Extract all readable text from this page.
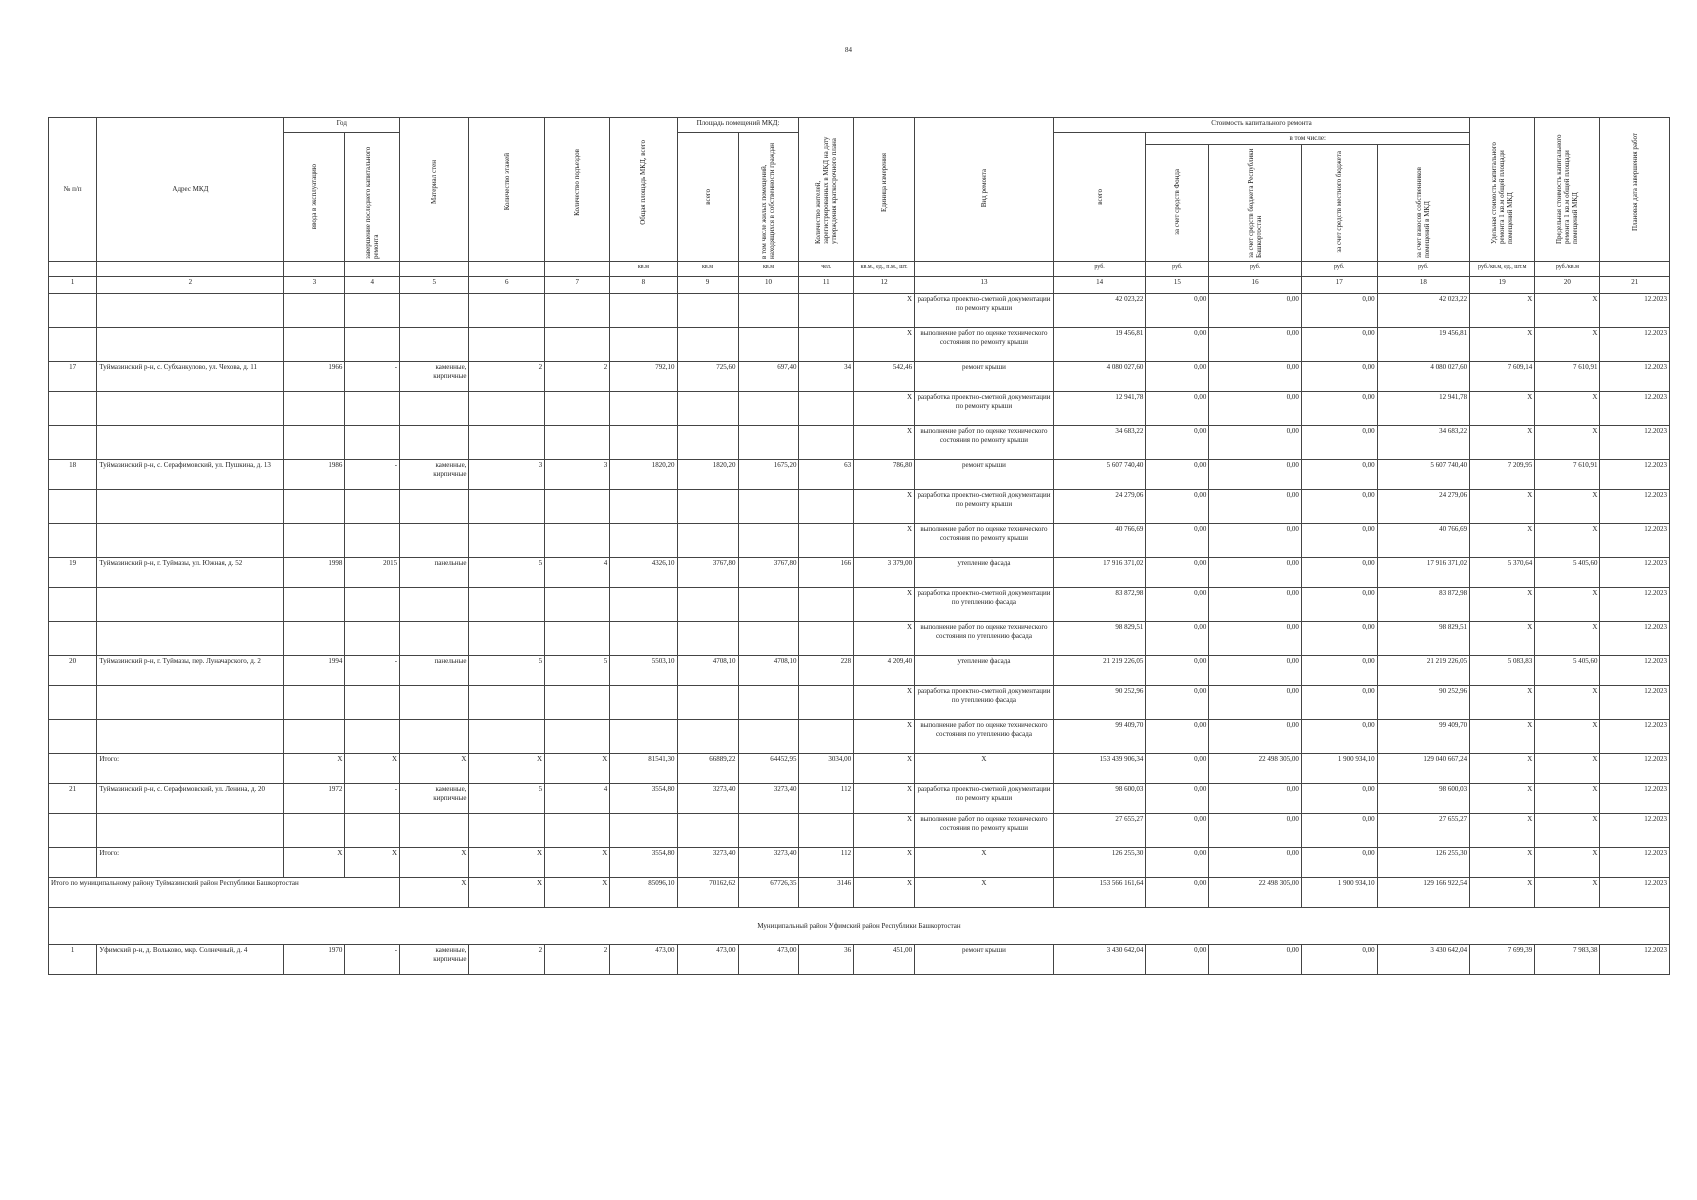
84
№ п/п	Адрес МКД	Год		Материал стен	Количество этажей	Количество подъездов	Общая площадь МКД, всего	Площадь помещений МКД:		Количество жителей, зарегистрированных в МКД на дату утверждения краткосрочного плана	Единица измерения	Вид ремонта	Стоимость капитального ремонта					Удельная стоимость капитального ремонта 1 кв.м общей площади помещений МКД	Предельная стоимость капитального ремонта 1 кв.м общей площади помещений МКД	Плановая дата завершения работ

		ввода в эксплуатацию	завершение последнего капитального ремонта					всего	в том числе жилых помещений, находящихся в собственности граждан				всего	в том числе:						

														за счет средств Фонда	за счет средств бюджета Республики Башкортостан	за счет средств местного бюджета	за счет взносов собственников помещений в МКД			

							кв.м	кв.м	кв.м	чел.	кв.м., ед., п.м., шт.		руб.	руб.	руб.	руб.	руб.	руб./кв.м, ед., шт.м	руб./кв.м	
1	2	3	4	5	6	7	8	9	10	11	12	13	14	15	16	17	18	19	20	21
											X	разработка проектно-сметной документации по ремонту крыши	42 023,22	0,00	0,00	0,00	42 023,22	X	X	12.2023
											X	выполнение работ по оценке технического состояния по ремонту крыши	19 456,81	0,00	0,00	0,00	19 456,81	X	X	12.2023
17	Туймазинский р-н, с. Субханкулово, ул. Чехова, д. 11	1966	-	каменные, кирпичные	2	2	792,10	725,60	697,40	34	542,46	ремонт крыши	4 080 027,60	0,00	0,00	0,00	4 080 027,60	7 609,14	7 610,91	12.2023
											X	разработка проектно-сметной документации по ремонту крыши	12 941,78	0,00	0,00	0,00	12 941,78	X	X	12.2023
											X	выполнение работ по оценке технического состояния по ремонту крыши	34 683,22	0,00	0,00	0,00	34 683,22	X	X	12.2023
18	Туймазинский р-н, с. Серафимовский, ул. Пушкина, д. 13	1986	-	каменные, кирпичные	3	3	1820,20	1820,20	1675,20	63	786,80	ремонт крыши	5 607 740,40	0,00	0,00	0,00	5 607 740,40	7 209,95	7 610,91	12.2023
											X	разработка проектно-сметной документации по ремонту крыши	24 279,06	0,00	0,00	0,00	24 279,06	X	X	12.2023
											X	выполнение работ по оценке технического состояния по ремонту крыши	40 766,69	0,00	0,00	0,00	40 766,69	X	X	12.2023
19	Туймазинский р-н, г. Туймазы, ул. Южная, д. 52	1998	2015	панельные	5	4	4326,10	3767,80	3767,80	166	3 379,00	утепление фасада	17 916 371,02	0,00	0,00	0,00	17 916 371,02	5 370,64	5 405,60	12.2023
											X	разработка проектно-сметной документации по утеплению фасада	83 872,98	0,00	0,00	0,00	83 872,98	X	X	12.2023
											X	выполнение работ по оценке технического состояния по утеплению фасада	98 829,51	0,00	0,00	0,00	98 829,51	X	X	12.2023
20	Туймазинский р-н, г. Туймазы, пер. Луначарского, д. 2	1994	-	панельные	5	5	5503,10	4708,10	4708,10	228	4 209,40	утепление фасада	21 219 226,05	0,00	0,00	0,00	21 219 226,05	5 083,83	5 405,60	12.2023
											X	разработка проектно-сметной документации по утеплению фасада	90 252,96	0,00	0,00	0,00	90 252,96	X	X	12.2023
											X	выполнение работ по оценке технического состояния по утеплению фасада	99 409,70	0,00	0,00	0,00	99 409,70	X	X	12.2023
	Итого:	X	X	X	X	X	81541,30	66889,22	64452,95	3034,00	X	X	153 439 906,34	0,00	22 498 305,00	1 900 934,10	129 040 667,24	X	X	12.2023
21	Туймазинский р-н, с. Серафимовский, ул. Ленина, д. 20	1972	-	каменные, кирпичные	5	4	3554,80	3273,40	3273,40	112	X	разработка проектно-сметной документации по ремонту крыши	98 600,03	0,00	0,00	0,00	98 600,03	X	X	12.2023
											X	выполнение работ по оценке технического состояния по ремонту крыши	27 655,27	0,00	0,00	0,00	27 655,27	X	X	12.2023
	Итого:	X	X	X	X	X	3554,80	3273,40	3273,40	112	X	X	126 255,30	0,00	0,00	0,00	126 255,30	X	X	12.2023
Итого по муниципальному району Туймазинский район Республики Башкортостан				X	X	X	85096,10	70162,62	67726,35	3146	X	X	153 566 161,64	0,00	22 498 305,00	1 900 934,10	129 166 922,54	X	X	12.2023
Муниципальный район Уфимский район Республики Башкортостан																				
1	Уфимский р-н, д. Вольково, мкр. Солнечный, д. 4	1970	-	каменные, кирпичные	2	2	473,00	473,00	473,00	36	451,00	ремонт крыши	3 430 642,04	0,00	0,00	0,00	3 430 642,04	7 699,39	7 983,38	12.2023
